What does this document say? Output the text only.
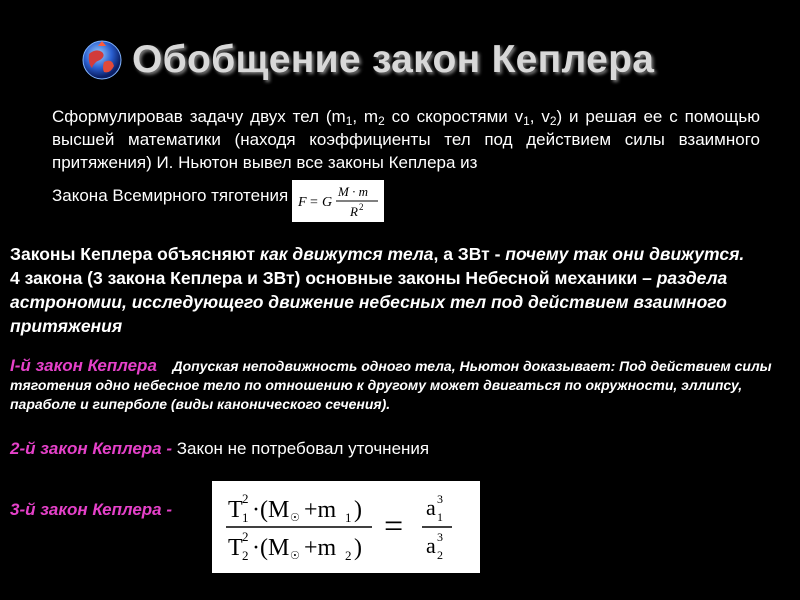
Обобщение закон Кеплера
Сформулировав задачу двух тел ($m_1$, $m_2$ со скоростями $v_1$, $v_2$) и решая ее с помощью высшей математики (находя коэффициенты тел под действием силы взаимного притяжения) И. Ньютон вывел все законы Кеплера из
Закона Всемирного тяготения F = G
M · m
R 2
Законы Кеплера объясняют как движутся тела, а ЗВт - почему так они движутся. 4 закона (3 закона Кеплера и ЗВт) основные законы Небесной механики – раздела астрономии, исследующего движение небесных тел под действием взаимного притяжения
I-й закон Кеплера Допуская неподвижность одного тела, Ньютон доказывает: Под действием силы тяготения одно небесное тело по отношению к другому может двигаться по окружности, эллипсу, параболе и гиперболе (виды канонического сечения).
2-й закон Кеплера - Закон не потребовал уточнения
3-й закон Кеплера - T 2
1 · (M ☉ +m 1 )
T 2
2 · (M ☉ +m 2 )
=
a 3
1
a 3
2
